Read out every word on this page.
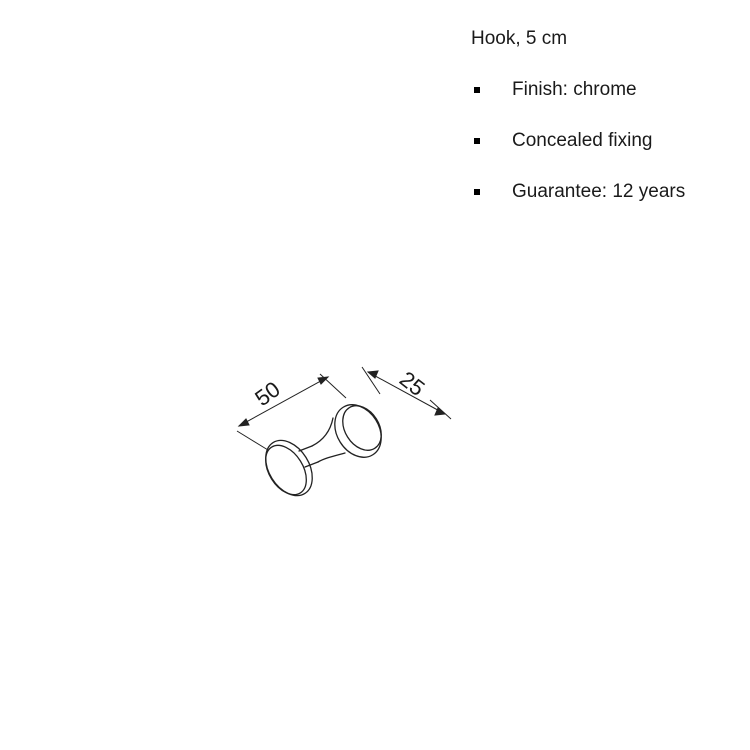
Hook, 5 cm
Finish: chrome
Concealed fixing
Guarantee: 12 years
50	25
